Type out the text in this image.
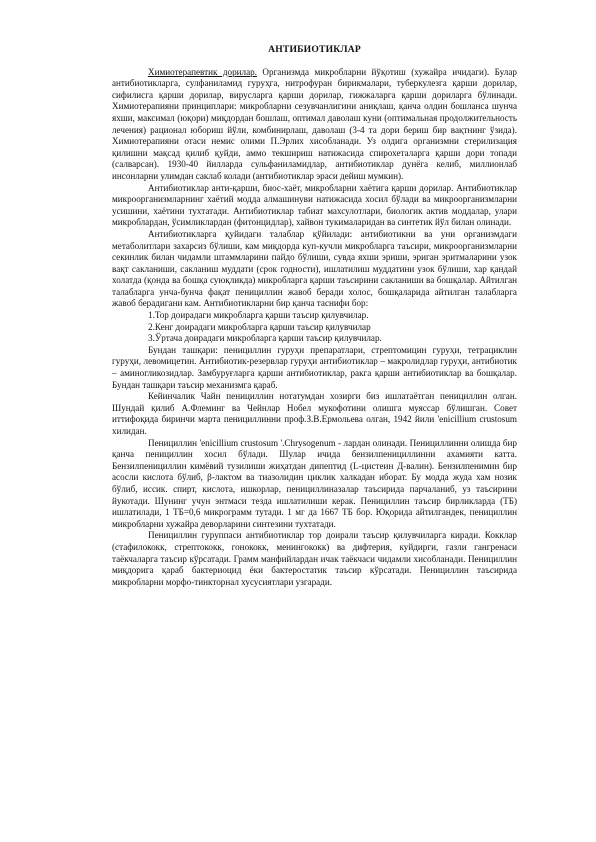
АНТИБИОТИКЛАР

Химиотерапевтик дорилар. Организмда микробларни йўқотиш (хужайра ичидаги). Булар антибиотикларга, сулфаниламид гуруҳга, нитрофуран бирикмалари, туберкулезга қарши дорилар, сифилисга қарши дорилар, вирусларга қарши дорилар, гижжаларга қарши дориларга бўлинади. Химиотерапияни принциплари: микробларни сезувчанлигини аниқлаш, қанча олдин бошланса шунча яхши, максимал (юқори) миқдордан бошлаш, оптимал даволаш куни (оптимальная продолжительность лечения) рационал юбориш йўли, комбинирлаш, даволаш (3-4 та дори бериш бир вақтнинг ўзида). Химиотерапияни отаси немис олими П.Эрлих хисобланади. Уз олдига организмни стерилизация қилишни мақсад қилиб қуйди, аммо текшириш натижасида спирохеталарга қарши дори топади (салварсан). 1930-40 йилларда сульфаниламидлар, антибиотиклар дунёга келиб, миллионлаб инсонларни улимдан саклаб колади (антибиотиклар эраси дейиш мумкин).

Антибиотиклар анти-қарши, биос-хаёт, микробларни хаётига қарши дорилар. Антибиотиклар микроорганизмларнинг хаётий модда алмашинуви натижасида хосил бўлади ва микроорганизмларни усишини, хаётини тухтатади. Антибиотиклар табиат махсулотлари, биологик актив моддалар, улари микроблардан, ўсимликлардан (фитонцидлар), хайвон тукималаридан ва синтетик йўл билан олинади.

Антибиотикларга қуйидаги талаблар қўйилади: антибиотикни ва уни организмдаги метаболитлари захарсиз бўлиши, кам миқдорда куп-кучли микробларга таъсири, микроорганизмларни секинлик билан чидамли штаммларини пайдо бўлиши, сувда яхши эриши, эриган эритмаларини узок вақт сакланиши, сакланиш муддати (срок годности), ишлатилиш муддатини узок бўлиши, хар қандай холатда (қонда ва бошқа суюқликда) микробларга қарши таъсирини сакланиши ва бошқалар. Айтилган талабларга унча-бунча фақат пенициллин жавоб беради холос, бошқаларида айтилган талабларга жавоб берадигани кам. Антибиотикларни бир қанча таснифи бор:

1.Тор доирадаги микробларга қарши таъсир қилувчилар.
2.Кенг доирадаги микробларга қарши таъсир қилувчилар
3.Ўртача доирадаги микробларга қарши таъсир қилувчилар.

Бундан ташқари: пенициллин гуруҳи препаратлари, стрептомицин гуруҳи, тетрациклин гуруҳи, левомицетин. Антибиотик-резервлар гуруҳи антибиотиклар – макролидлар гуруҳи, антибиотик – аминогликозидлар. Замбуруғларга қарши антибиотиклар, ракга қарши антибиотиклар ва бошқалар. Бундан ташқари таъсир механизмга қараб.

Кейинчалик Чайн пенициллин нотатумдан хозирги биз ишлатаётган пенициллин олган. Шундай қилиб А.Флеминг ва Чейнлар Нобел мукофотини олишга муяссар бўлишган. Совет иттифоқида биринчи марта пенициллинни проф.З.В.Ермольева олган, 1942 йили 'enicillium crustosum хилидан.

Пенициллин 'enicillium crustosum '.Chrysogenum - лардан олинади. Пенициллинни олишда бир қанча пенициллин хосил бўлади. Шулар ичида бензилпенициллинни ахамияти катта. Бензилпенициллин кимёвий тузилиши жиҳатдан дипептид (L-цистеин Д-валин). Бензилпенимин бир асосли кислота бўлиб, β-лактом ва тиазолидин циклик халкадан иборат. Бу модда жуда хам нозик бўлиб, иссик. спирт, кислота, ишкорлар, пенициллиназалар таъсирида парчаланиб, уз таъсирини йукотади. Шунинг учун энтмаси тезда ишлатилиши керак. Пенициллин таъсир бирликларда (ТБ) ишлатилади, 1 ТБ=0,6 микрограмм тутади. 1 мг да 1667 ТБ бор. Юқорида айтилгандек, пенициллин микробларни хужайра деворларини синтезини тухтатади.

Пенициллин гуруппаси антибиотиклар тор доирали таъсир қилувчиларга киради. Кокклар (стафилококк, стрептококк, гонококк, менингококк) ва дифтерия, куйдирги, газли гангренаси таёкчаларга таъсир кўрсатади. Грамм манфийлардан ичак таёкчаси чидамли хисобланади. Пенициллин миқдорига қараб бактериоцид ёки бактеростатик таъсир кўрсатади. Пенициллин таъсирида микробларни морфо-тинкторнал хусусиятлари узгаради.
